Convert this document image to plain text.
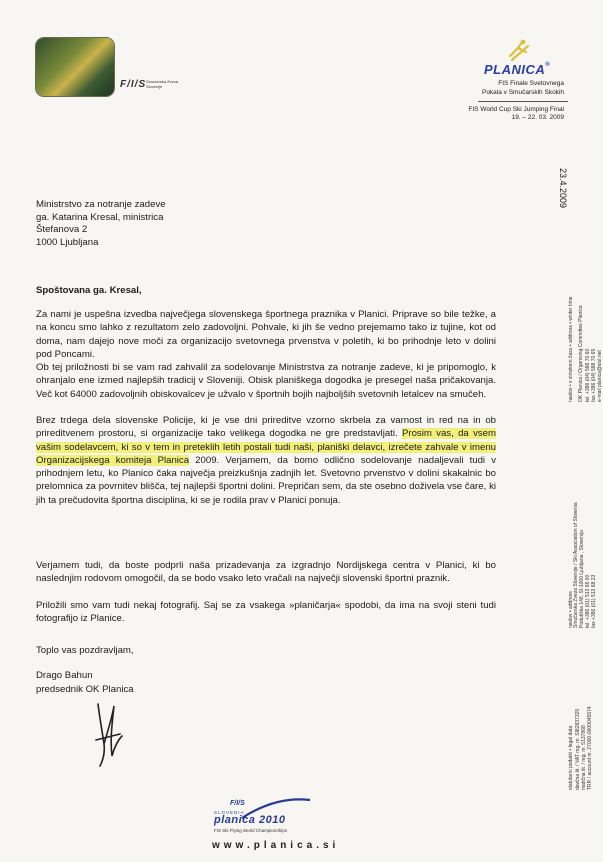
F/I/S Smučarska Zveza Slovenije
PLANICA®
FIS Finale Svetovnega
Pokala v Smučarskih Skokih
FIS World Cup Ski Jumping Final
19. – 22. 03. 2009
23.4.2009
naslov • v zimskem času • address • winter time OK Planica / Organising Committee Planica tel. +386 (04) 588 70 60 fax +386 (04) 588 70 65 e-mail planica@siol.net
naslov • address Smučarska Zveza Slovenije / Ski Association of Slovenia Podutiška 148, SI-1000 Ljubljana , Slovenija tel. +386 (01) 513 68 00 fax +386 (01) 513 68 23
statutarni podatki • legal data davčna št. / VAT reg. nr. SI82837325 matična št. / reg. nr. 5137868 TRR / account nr. 27000-0000045574
Ministrstvo za notranje zadeve
ga. Katarina Kresal, ministrica
Štefanova 2
1000 Ljubljana
Spoštovana ga. Kresal,
Za nami je uspešna izvedba največjega slovenskega športnega praznika v Planici. Priprave so bile težke, a na koncu smo lahko z rezultatom zelo zadovoljni. Pohvale, ki jih še vedno prejemamo tako iz tujine, kot od doma, nam dajejo nove moči za organizacijo svetovnega prvenstva v poletih, ki bo prihodnje leto v dolini pod Poncami.
Ob tej priložnosti bi se vam rad zahvalil za sodelovanje Ministrstva za notranje zadeve, ki je pripomoglo, k ohranjalo ene izmed najlepših tradicij v Sloveniji. Obisk planiškega dogodka je presegel naša pričakovanja. Več kot 64000 zadovoljnih obiskovalcev je užvalo v športnih bojih najboljših svetovnih letalcev na smučeh.
Brez trdega dela slovenske Policije, ki je vse dni prireditve vzorno skrbela za varnost in red na in ob prireditvenem prostoru, si organizacije tako velikega dogodka ne gre predstavljati. Prosim vas, da vsem vašim sodelavcem, ki so v tem in preteklih letih postali tudi naši, planiški delavci, izrečete zahvale v imenu Organizacijskega komiteja Planica 2009. Verjamem, da bomo odlično sodelovanje nadaljevali tudi v prihodnjem letu, ko Planico čaka največja preizkušnja zadnjih let. Svetovno prvenstvo v dolini skakalnic bo prelomnica za povrnitev blišča, tej najlepši športni dolini. Prepričan sem, da ste osebno doživela vse čare, ki jih ta prečudovita športna disciplina, ki se je rodila prav v Planici ponuja.
Verjamem tudi, da boste podprli naša prizadevanja za izgradnjo Nordijskega centra v Planici, ki bo naslednjim rodovom omogočil, da se bodo vsako leto vračali na največji slovenski športni praznik.
Priložili smo vam tudi nekaj fotografij. Saj se za vsakega »planičarja« spodobi, da ima na svoji steni tudi fotografijo iz Planice.
Toplo vas pozdravljam,
Drago Bahun
predsednik OK Planica
F/I/S
SLOVENIA
planica 2010
FIS Ski Flying World Championships
www.planica.si
